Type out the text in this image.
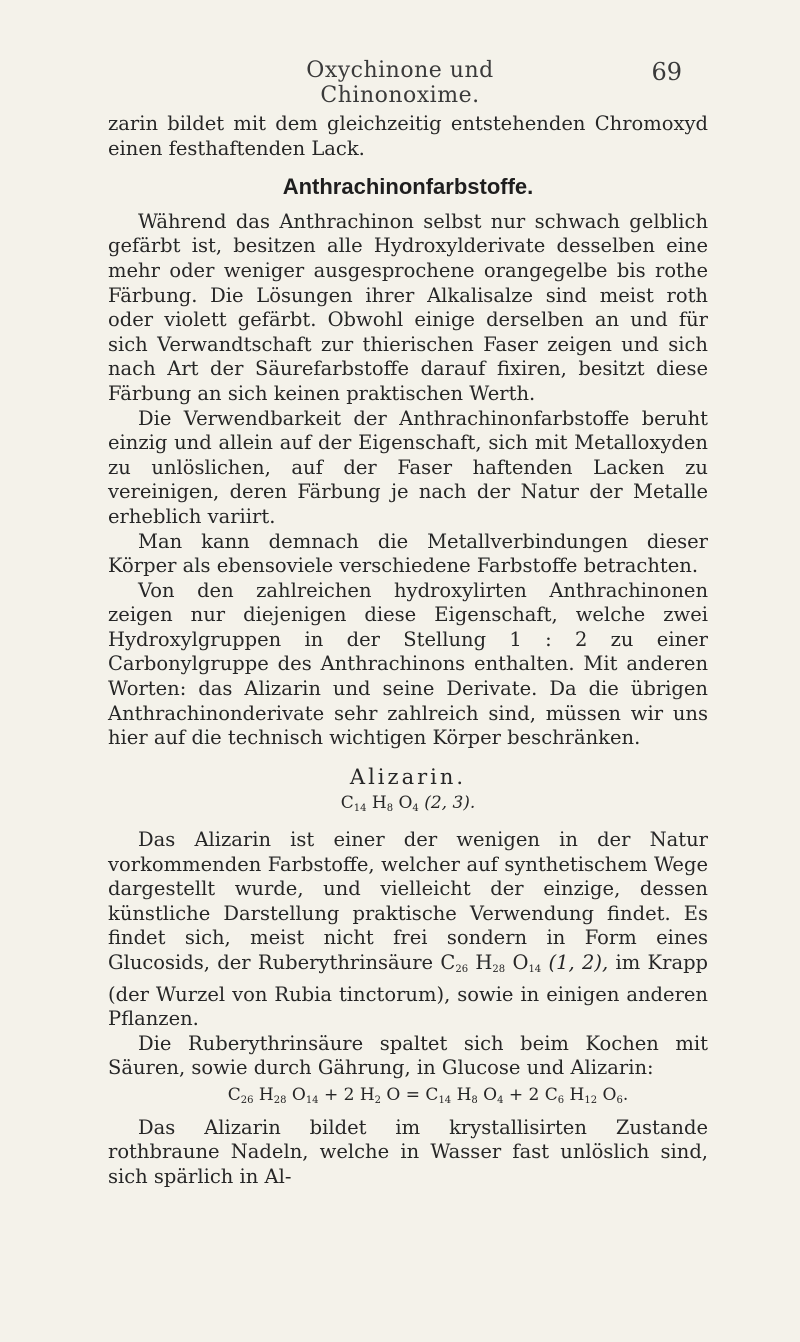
Oxychinone und Chinonoxime.
69

zarin bildet mit dem gleichzeitig entstehenden Chromoxyd einen festhaftenden Lack.

Anthrachinonfarbstoffe.

Während das Anthrachinon selbst nur schwach gelblich gefärbt ist, besitzen alle Hydroxylderivate desselben eine mehr oder weniger ausgesprochene orangegelbe bis rothe Färbung. Die Lösungen ihrer Alkalisalze sind meist roth oder violett gefärbt. Obwohl einige derselben an und für sich Verwandtschaft zur thierischen Faser zeigen und sich nach Art der Säurefarbstoffe darauf fixiren, besitzt diese Färbung an sich keinen praktischen Werth.

Die Verwendbarkeit der Anthrachinonfarbstoffe beruht einzig und allein auf der Eigenschaft, sich mit Metalloxyden zu unlöslichen, auf der Faser haftenden Lacken zu vereinigen, deren Färbung je nach der Natur der Metalle erheblich variirt.

Man kann demnach die Metallverbindungen dieser Körper als ebensoviele verschiedene Farbstoffe betrachten.

Von den zahlreichen hydroxylirten Anthrachinonen zeigen nur diejenigen diese Eigenschaft, welche zwei Hydroxylgruppen in der Stellung 1 : 2 zu einer Carbonylgruppe des Anthrachinons enthalten. Mit anderen Worten: das Alizarin und seine Derivate. Da die übrigen Anthrachinonderivate sehr zahlreich sind, müssen wir uns hier auf die technisch wichtigen Körper beschränken.

Alizarin.
$C_{14}$ $H_8$ $O_4$ (2, 3).

Das Alizarin ist einer der wenigen in der Natur vorkommenden Farbstoffe, welcher auf synthetischem Wege dargestellt wurde, und vielleicht der einzige, dessen künstliche Darstellung praktische Verwendung findet. Es findet sich, meist nicht frei sondern in Form eines Glucosids, der Ruberythrinsäure $C_{26}$ $H_{28}$ $O_{14}$ (1, 2), im Krapp (der Wurzel von Rubia tinctorum), sowie in einigen anderen Pflanzen.

Die Ruberythrinsäure spaltet sich beim Kochen mit Säuren, sowie durch Gährung, in Glucose und Alizarin:

$C_{26}$ $H_{28}$ $O_{14} + 2$ $H_2$ $O = C_{14}$ $H_8$ $O_4 + 2$ $C_6$ $H_{12}$ $O_6$.

Das Alizarin bildet im krystallisirten Zustande rothbraune Nadeln, welche in Wasser fast unlöslich sind, sich spärlich in Al-
